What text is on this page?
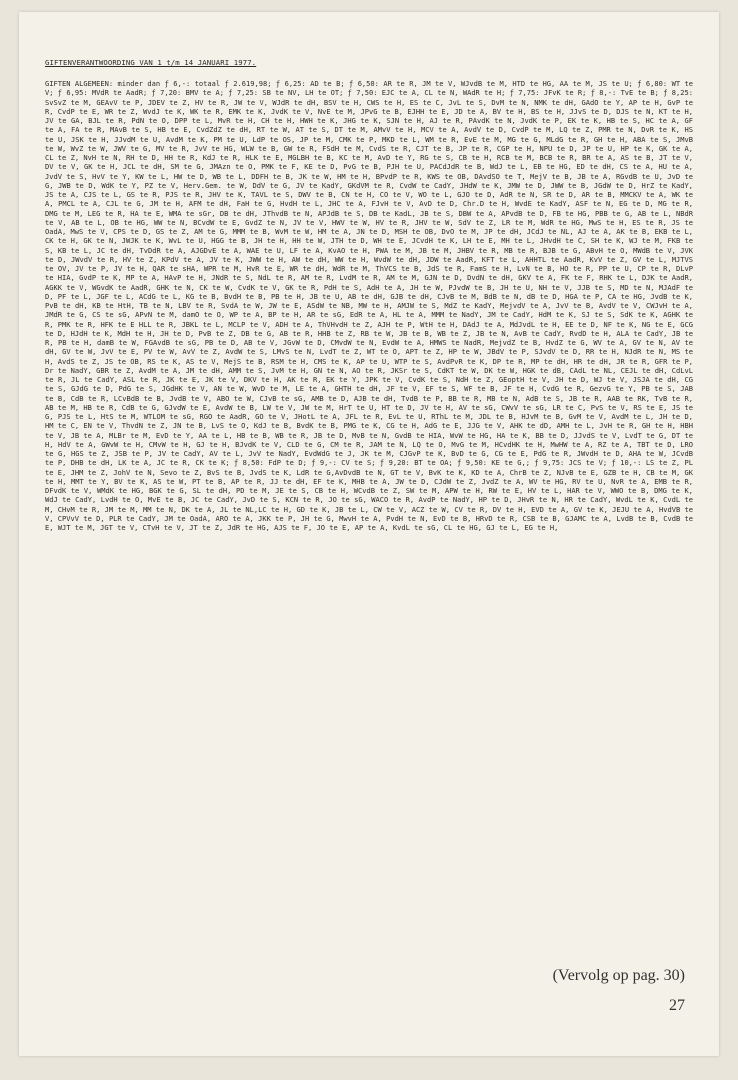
GIFTENVERANTWOORDING VAN 1 t/m 14 JANUARI 1977.
GIFTEN ALGEMEEN: minder dan ƒ 6,-: totaal ƒ 2.619,98; ƒ 6,25: AD te B; ƒ 6,50: AR te R, JM te V, WJvdB te M, HTD te HG, AA te M, JS te U; ƒ 6,80: WT te V; ƒ 6,95: MVdR te AadR; ƒ 7,20: BMV te A; ƒ 7,25: SB te NV, LH te OT; ƒ 7,50: EJC te A, CL te N, WAdR te H; ƒ 7,75: JFvK te R; ƒ 8,-: TvE te B; ƒ 8,25: SvSvZ te M, GEAvV te P, JDEV te Z, HV te R, JW te V, WJdR te dH, BSV te H, CWS te H, ES te C, JvL te S, DvM te N, NMK te dH, GAdO te Y, AP te H, GvP te R, CvdP te E, WR te Z, WvdJ te K, WK te R, EMK te K, JvdK te V, NvE te M, JPvG te B, EJHH te E, JD te A, BV te H, BS te H, JJvS te D, DJS te N, KT te H, JV te GA, BJL te R, PdN te O, DPP te L, MvR te H, CH te H, HWH te K, JHG te K, SJN te H, AJ te R, PAvdK te N, JvdK te P, EK te K, HB te S, HC te A, GF te A, FA te R, MAvB te S, HB te E, CvdZdZ te dH, RT te W, AT te S, DT te M, AMvV te H, MCV te A, AvdV te D, CvdP te M, LQ te Z, PMR te N, DvR te K, HS te U, JSK te H, JJvdM te U, AvdM te K, PM te U, LdP te OS, JP te M, CMK te P, MKD te L, WM te R, EvE te M, MG te G, MLdG te R, GH te H, ABA te S, JMvB te W, WvZ te W, JWV te G, MV te R, JvV te HG, WLW te B, GW te R, FSdH te M, CvdS te R, CJT te B, JP te R, CGP te H, NPU te D, JP te U, HP te K, GK te A, CL te Z, NvH te N, RH te D, HH te R, KdJ te R, HLK te E, MGLBH te B, KC te M, AvD te Y, RG te S, CB te H, RCB te M, BCB te R, BR te A, AS te B, JT te V, DV te V, GK te H, JCL te dH, SM te G, JMAzn te O, PMK te F, KE te D, PvG te B, PJH te U, PACdJdR te B, WdJ te L, EB te HG, ED te dH, CS te A, HU te A, JvdV te S, HvV te Y, KW te L, HW te D, WB te L, DDFH te B, JK te W, HM te H, BPvdP te R, KWS te OB, DAvdSO te T, MejV te B, JB te A, RGvdB te U, JvD te G, JWB te D, WdK te Y, PZ te V, Herv.Gem. te W, DdV te G, JV te KadY, GKdVM te R, CvdW te CadY, JHdW te K, JMW te D, JWW te B, JGdW te D, HrZ te KadY, JS te A, CJS te L, GS te R, PJS te R, JHV te K, TAVL te S, DWV te B, CN te H, CO te V, WO te L, GJO te D, AdR te N, SR te D, AR te B, MMCKV te A, WK te A, PMCL te A, CJL te G, JM te H, AFM te dH, FaH te G, HvdH te L, JHC te A, FJvH te V, AvD te D, Chr.D te H, WvdE te KadY, ASF te N, EG te D, MG te R, DMG te M, LEG te R, HA te E, WMA te sGr, DB te dH, JThvdB te N, APJdB te S, DB te KadL, JB te S, DBW te A, APvdB te D, FB te HG, PBB te G, AB te L, NBdR te V, AB te L, OB te HG, WW te N, BCvdW te E, GvdZ te N, JV te V, HWV te W, HV te R, JHV te W, SdV te Z, LR te M, WdR te HG, MwS te H, ES te R, JS te OadA, MwS te V, CPS te D, GS te Z, AM te G, MMM te B, WvM te W, HM te A, JN te D, MSH te OB, DvO te M, JP te dH, JCdJ te NL, AJ te A, AK te B, EKB te L, CK te H, GK te N, JWJK te K, WvL te U, HGG te B, JH te H, HH te W, JTH te D, WH te E, JCvdH te K, LH te E, MH te L, JHvdH te C, SH te K, WJ te M, FKB te S, KB te L, JC te dH, TvDdR te A, AJGDvE te A, WAE te U, LF te A, KvAO te H, PWA te M, JB te M, JHBV te R, MB te R, BJB te G, ABvH te O, MWdB te V, JVK te D, JWvdV te R, HV te Z, KPdV te A, JV te K, JWW te H, AW te dH, WW te H, WvdW te dH, JDW te AadR, KFT te L, AHHTL te AadR, KvV te Z, GV te L, MJTVS te OV, JV te P, JV te H, QAR te sHA, WPR te M, HvR te E, WR te dH, WdR te M, ThVCS te B, JdS te R, FamS te H, LvN te B, HO te R, PP te U, CP te R, DLvP te HIA, GvdP te K, MP te A, HAvP te H, JNdR te S, NdL te R, AM te R, LvdM te R, AM te M, GJN te D, DvdN te dH, GKV te A, FK te F, RHK te L, DJK te AadR, AGKK te V, WGvdK te AadR, GHK te N, CK te W, CvdK te V, GK te R, PdH te S, AdH te A, JH te W, PJvdW te B, JH te U, NH te V, JJB te S, MD te N, MJAdF te D, PF te L, JGF te L, ACdG te L, KG te B, BvdH te B, PB te H, JB te U, AB te dH, GJB te dH, CJvB te M, BdB te N, dB te D, HGA te P, CA te HG, JvdB te K, PvB te dH, KB te HtH, TB te N, LBV te R, SvdA te W, JW te E, ASdW te NB, MW te H, AMJW te S, MdZ te KadY, MejvdV te A, JvV te B, AvdV te V, CWJvH te A, JMdR te G, CS te sG, APvN te M, damO te O, WP te A, BP te H, AR te sG, EdR te A, HL te A, MMM te NadY, JM te CadY, HdM te K, SJ te S, SdK te K, AGHK te R, PMK te R, HFK te E HLL te R, JBKL te L, MCLP te V, ADH te A, ThVHvdH te Z, AJH te P, WtH te H, DAdJ te A, MdJvdL te H, EE te D, NF te K, NG te E, GCG te D, HJdH te K, MdH te H, JH te D, PvB te Z, DB te G, AB te R, HHB te Z, RB te W, JB te B, WB te Z, JB te N, AvB te CadY, RvdD te H, ALA te CadY, JB te R, PB te H, damB te W, FGAvdB te sG, PB te D, AB te V, JGvW te D, CMvdW te N, EvdW te A, HMWS te NadR, MejvdZ te B, HvdZ te G, WV te A, GV te N, AV te dH, GV te W, JvV te E, PV te W, AvV te Z, AvdW te S, LMvS te N, LvdT te Z, WT te O, APT te Z, HP te W, JBdV te P, SJvdV te D, RR te H, NJdR te N, MS te H, AvdS te Z, JS te OB, RS te K, AS te V, MejS te B, RSM te H, CMS te K, AP te U, WTP te S, AvdPvR te K, DP te R, MP te dH, HR te dH, JR te R, GFR te P, Dr te NadY, GBR te Z, AvdM te A, JM te dH, AMM te S, JvM te H, GN te N, AO te R, JKSr te S, CdKT te W, DK te W, HGK te dB, CAdL te NL, CEJL te dH, CdLvL te R, JL te CadY, ASL te R, JK te E, JK te V, DKV te H, AK te R, EK te Y, JPK te V, CvdK te S, NdH te Z, GEoptH te V, JH te D, WJ te V, JSJA te dH, CG te S, GJdG te D, PdG te S, JGdHK te V, AN te W, WvD te M, LE te A, GHTH te dH, JF te V, EF te S, WF te B, JF te H, CvdG te R, GezvG te Y, PB te S, JAB te B, CdB te R, LCvBdB te B, JvdB te V, ABO te W, CJvB te sG, AMB te D, AJB te dH, TvdB te P, BB te R, MB te N, AdB te S, JB te R, AAB te RK, TvB te R, AB te M, HB te R, CdB te G, GJvdW te E, AvdW te B, LW te V, JW te M, HrT te U, HT te D, JV te H, AV te sG, CWvV te sG, LR te C, PvS te V, RS te E, JS te G, PJS te L, HtS te M, WTLOM te sG, RGO te AadR, GO te V, JHotL te A, JFL te R, EvL te U, RThL te M, JDL te B, HJvM te B, GvM te V, AvdM te L, JH te D, HM te C, EN te V, ThvdN te Z, JN te B, LvS te O, KdJ te B, BvdK te B, PMG te K, CG te H, AdG te E, JJG te V, AHK te dD, AMH te L, JvH te R, GH te H, HBH te V, JB te A, MLBr te M, EvD te Y, AA te L, HB te B, WB te R, JB te D, MvB te N, GvdB te HIA, WvW te HG, HA te K, BB te D, JJvdS te V, LvdT te G, DT te H, HdV te A, GWvW te H, CMvW te H, GJ te H, BJvdK te V, CLD te G, CM te R, JAM te N, LQ te O, MvG te M, HCvdHK te H, MwHW te A, RZ te A, TBT te D, LRO te G, HGS te Z, JSB te P, JV te CadY, AV te L, JvV te NadY, EvdWdG te J, JK te M, CJGvP te K, BvD te G, CG te E, PdG te R, JWvdH te D, AHA te W, JCvdB te P, DHB te dH, LK te A, JC te R, CK te K; ƒ 8,50: FdP te D; ƒ 9,-: CV te S; ƒ 9,20: BT te OA; ƒ 9,50: KE te G,; ƒ 9,75: JCS te V; ƒ 10,-: LS te Z, PL te E, JHM te Z, JohV te N, Sevo te Z, BvS te B, JvdS te K, LdR te G,AvDvdB te N, GT te V, BvK te K, KD te A, ChrB te Z, NJvB te E, GZB te H, CB te M, GK te H, MMT te Y, BV te K, AS te W, PT te B, AP te R, JJ te dH, EF te K, MHB te A, JW te D, CJdW te Z, JvdZ te A, WV te HG, RV te U, NvR te A, EMB te R, DFvdK te V, WMdK te HG, BGK te G, SL te dH, PD te M, JE te S, CB te H, WCvdB te Z, SW te M, APW te H, RW te E, HV te L, HAR te V, WWO te B, DMG te K, WdJ te CadY, LvdH te O, MvE te B, JC te CadY, JvD te S, KCN te R, JO te sG, WACO te R, AvdP te NadY, HP te D, JHvR te N, HR te CadY, WvdL te K, CvdL te M, CHvM te R, JM te M, MM te N, DK te A, JL te NL,LC te H, GD te K, JB te L, CW te V, ACZ te W, CV te R, DV te H, EVD te A, GV te K, JEJU te A, HvdVB te V, CPVvV te D, PLR te CadY, JM te OadA, ARO te A, JKK te P, JH te G, MwvH te A, PvdH te N, EvD te B, HRvD te R, CSB te B, GJAMC te A, LvdB te B, CvdB te E, WJT te M, JGT te V, CTvH te V, JT te Z, JdR te HG, AJS te F, JO te E, AP te A, KvdL te sG, CL te HG, GJ te L, EG te H,
(Vervolg op pag. 30)
27
